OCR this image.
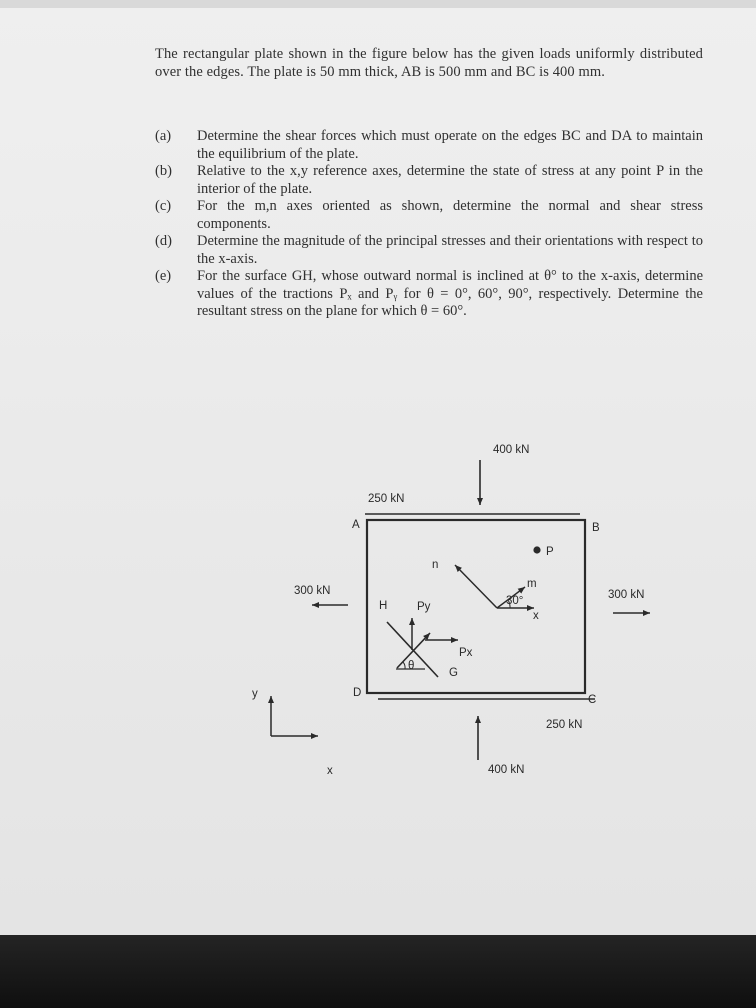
The rectangular plate shown in the figure below has the given loads uniformly distributed over the edges. The plate is 50 mm thick, AB is 500 mm and BC is 400 mm.
(a)	Determine the shear forces which must operate on the edges BC and DA to maintain the equilibrium of the plate.
(b)	Relative to the x,y reference axes, determine the state of stress at any point P in the interior of the plate.
(c)	For the m,n axes oriented as shown, determine the normal and shear stress components.
(d)	Determine the magnitude of the principal stresses and their orientations with respect to the x-axis.
(e)	For the surface GH, whose outward normal is inclined at θ° to the x-axis, determine values of the tractions Pₓ and Pᵧ for θ = 0°, 60°, 90°, respectively. Determine the resultant stress on the plane for which θ = 60°.
250 kN
400 kN
300 kN	300 kN
250 kN
400 kN
A	B
C
D
P
n
m
x
30°
H
G
Py
Px
θ
y
x
